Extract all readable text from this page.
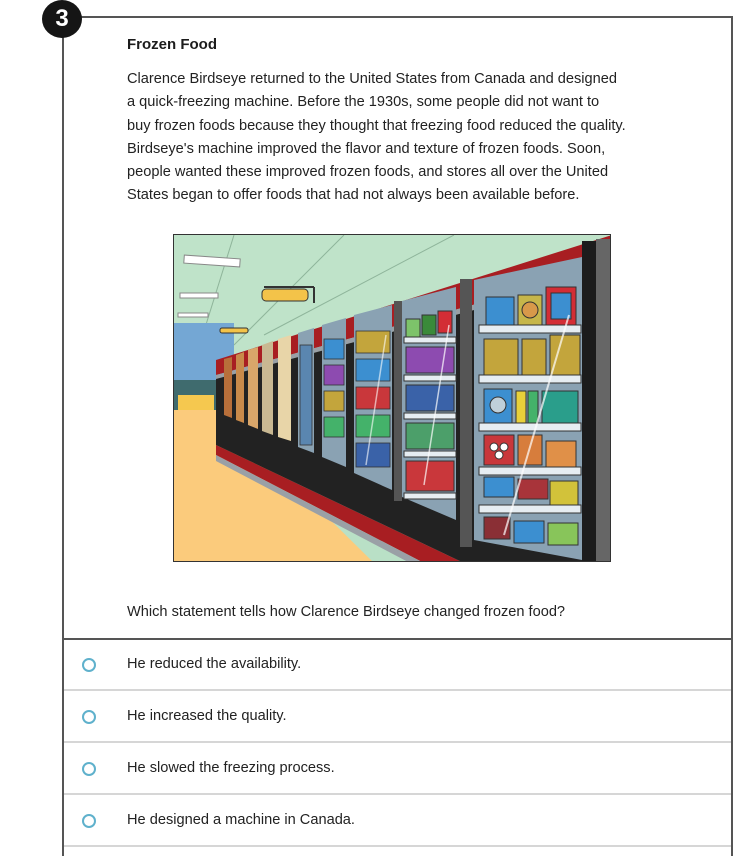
3
Frozen Food

Clarence Birdseye returned to the United States from Canada and designed

a quick-freezing machine. Before the 1930s, some people did not want to

buy frozen foods because they thought that freezing food reduced the quality.

Birdseye's machine improved the flavor and texture of frozen foods. Soon,

people wanted these improved frozen foods, and stores all over the United

States began to offer foods that had not always been available before.

Which statement tells how Clarence Birdseye changed frozen food?
He reduced the availability.
He increased the quality.
He slowed the freezing process.
He designed a machine in Canada.
